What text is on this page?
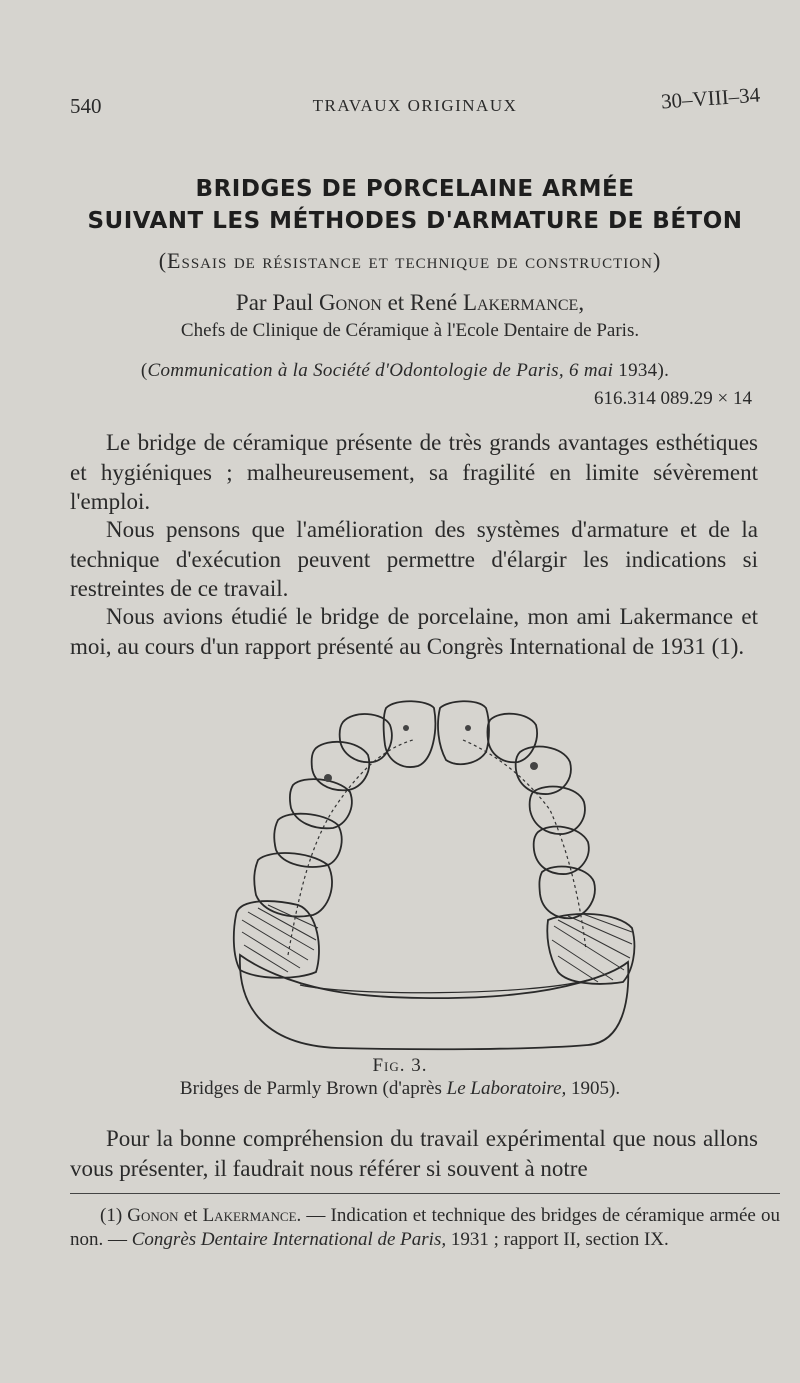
540	TRAVAUX ORIGINAUX	30–VIII–34
BRIDGES DE PORCELAINE ARMÉE
SUIVANT LES MÉTHODES D'ARMATURE DE BÉTON
(Essais de résistance et technique de construction)
Par Paul Gonon et René Lakermance,
Chefs de Clinique de Céramique à l'Ecole Dentaire de Paris.
(Communication à la Société d'Odontologie de Paris, 6 mai 1934).
616.314 089.29 × 14
Le bridge de céramique présente de très grands avantages esthétiques et hygiéniques ; malheureusement, sa fragilité en limite sévèrement l'emploi.
Nous pensons que l'amélioration des systèmes d'armature et de la technique d'exécution peuvent permettre d'élargir les indications si restreintes de ce travail.
Nous avions étudié le bridge de porcelaine, mon ami Lakermance et moi, au cours d'un rapport présenté au Congrès International de 1931 (1).
Fig. 3.
Bridges de Parmly Brown (d'après Le Laboratoire, 1905).
Pour la bonne compréhension du travail expérimental que nous allons vous présenter, il faudrait nous référer si souvent à notre
(1) Gonon et Lakermance. — Indication et technique des bridges de céramique armée ou non. — Congrès Dentaire International de Paris, 1931 ; rapport II, section IX.
